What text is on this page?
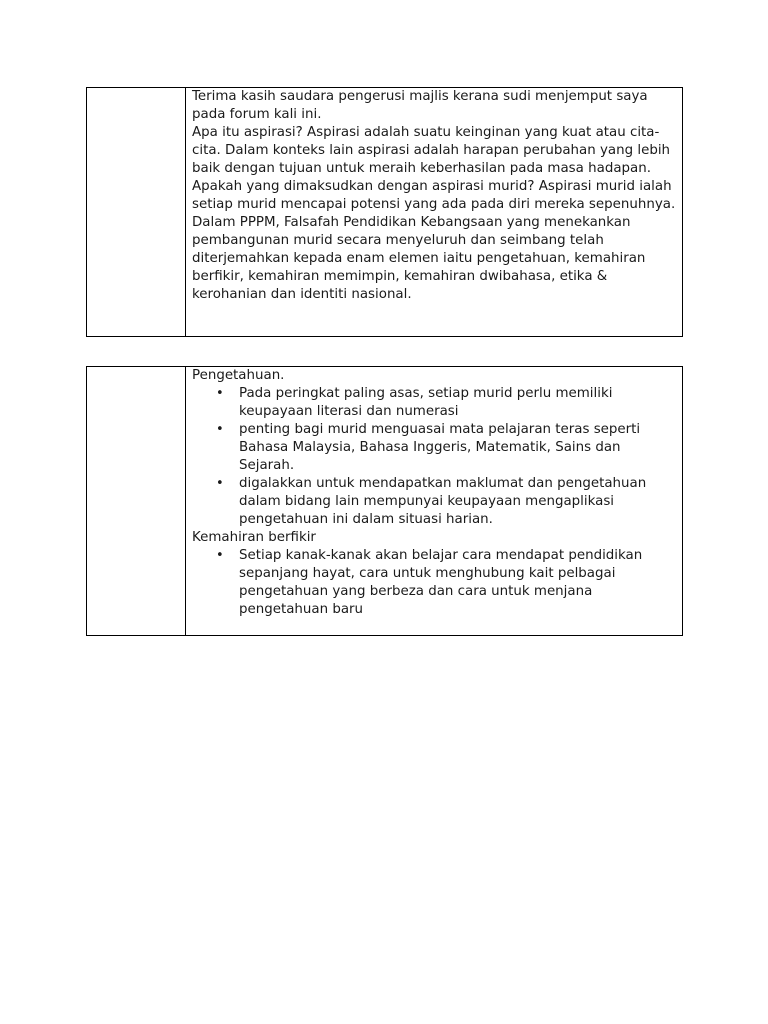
Terima kasih saudara pengerusi majlis kerana sudi menjemput saya pada forum kali ini.

Apa itu aspirasi? Aspirasi adalah suatu keinginan yang kuat atau cita-cita. Dalam konteks lain aspirasi adalah harapan perubahan yang lebih baik dengan tujuan untuk meraih keberhasilan pada masa hadapan.

Apakah yang dimaksudkan dengan aspirasi murid? Aspirasi murid ialah setiap murid mencapai potensi yang ada pada diri mereka sepenuhnya.

Dalam PPPM, Falsafah Pendidikan Kebangsaan yang menekankan pembangunan murid secara menyeluruh dan seimbang telah diterjemahkan kepada enam elemen iaitu pengetahuan, kemahiran berfikir, kemahiran memimpin, kemahiran dwibahasa, etika & kerohanian dan identiti nasional.

Pengetahuan.

• Pada peringkat paling asas, setiap murid perlu memiliki keupayaan literasi dan numerasi
• penting bagi murid menguasai mata pelajaran teras seperti Bahasa Malaysia, Bahasa Inggeris, Matematik, Sains dan Sejarah.
• digalakkan untuk mendapatkan maklumat dan pengetahuan dalam bidang lain mempunyai keupayaan mengaplikasi pengetahuan ini dalam situasi harian.

Kemahiran berfikir

• Setiap kanak-kanak akan belajar cara mendapat pendidikan sepanjang hayat, cara untuk menghubung kait pelbagai pengetahuan yang berbeza dan cara untuk menjana pengetahuan baru
